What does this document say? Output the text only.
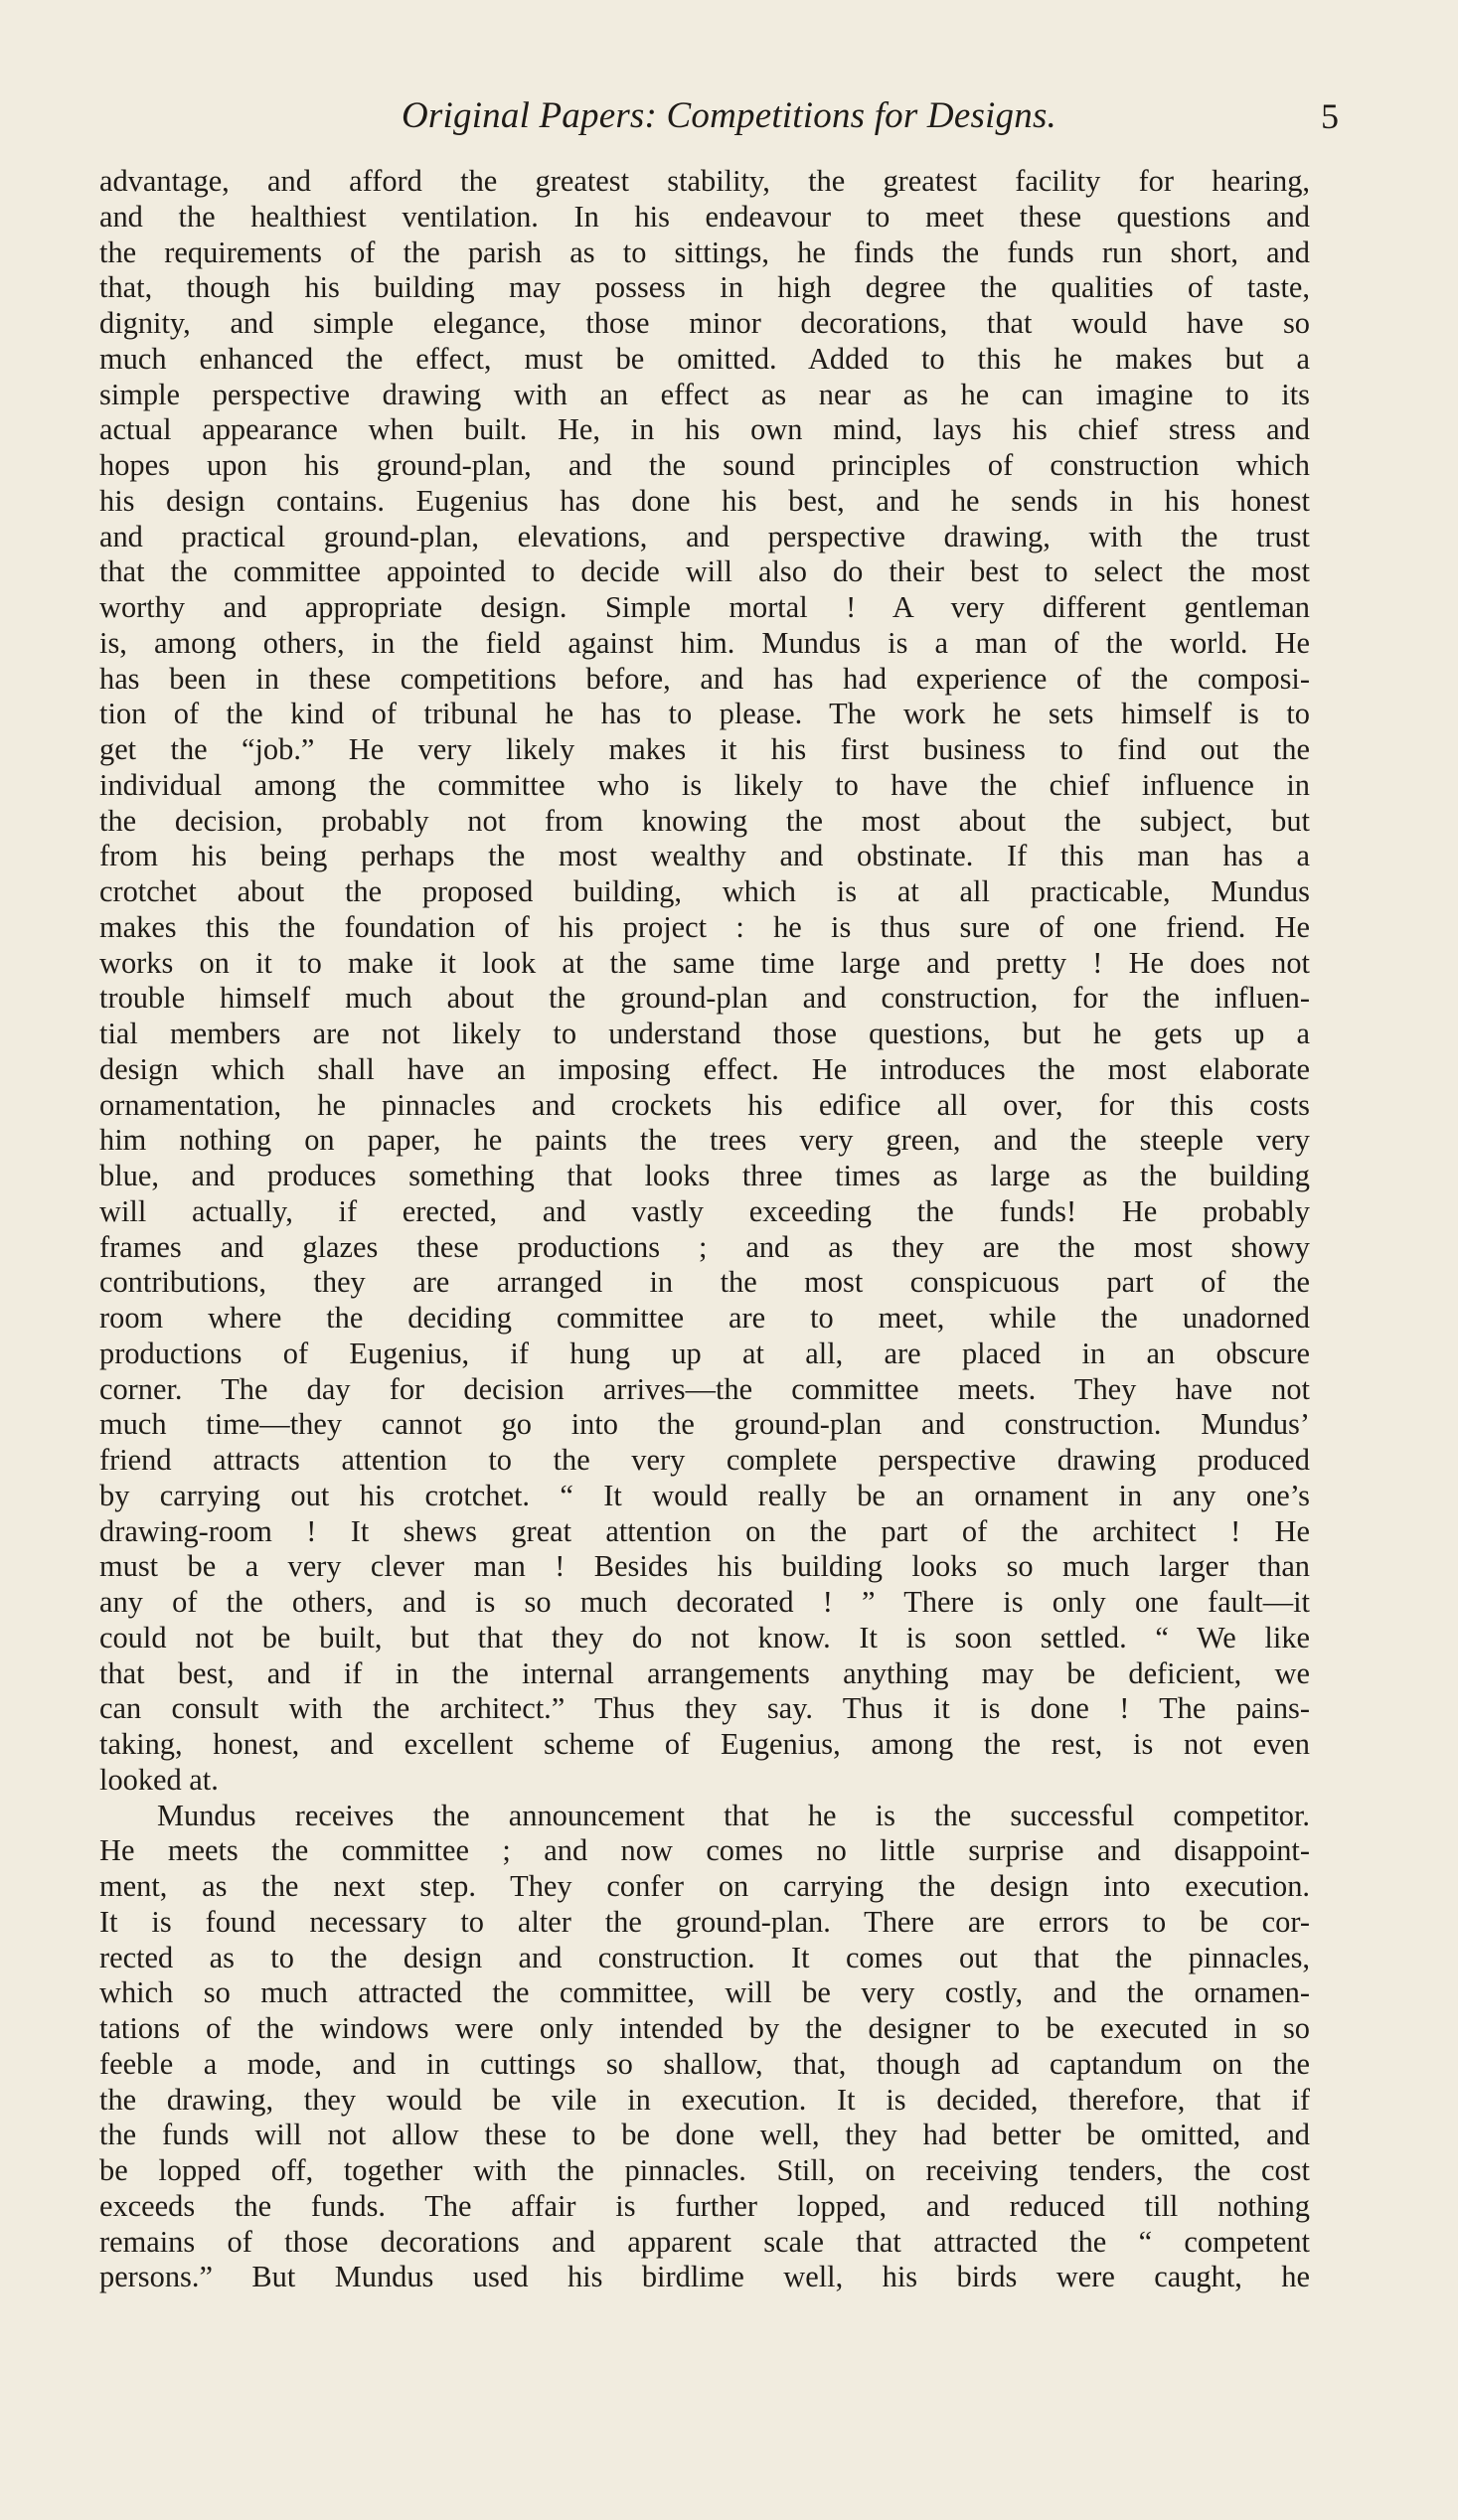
Original Papers: Competitions for Designs.	5

advantage, and afford the greatest stability, the greatest facility for hearing,
and the healthiest ventilation. In his endeavour to meet these questions and
the requirements of the parish as to sittings, he finds the funds run short, and
that, though his building may possess in high degree the qualities of taste,
dignity, and simple elegance, those minor decorations, that would have so
much enhanced the effect, must be omitted. Added to this he makes but a
simple perspective drawing with an effect as near as he can imagine to its
actual appearance when built. He, in his own mind, lays his chief stress and
hopes upon his ground-plan, and the sound principles of construction which
his design contains. Eugenius has done his best, and he sends in his honest
and practical ground-plan, elevations, and perspective drawing, with the trust
that the committee appointed to decide will also do their best to select the most
worthy and appropriate design. Simple mortal ! A very different gentleman
is, among others, in the field against him. Mundus is a man of the world. He
has been in these competitions before, and has had experience of the composi-
tion of the kind of tribunal he has to please. The work he sets himself is to
get the “job.” He very likely makes it his first business to find out the
individual among the committee who is likely to have the chief influence in
the decision, probably not from knowing the most about the subject, but
from his being perhaps the most wealthy and obstinate. If this man has a
crotchet about the proposed building, which is at all practicable, Mundus
makes this the foundation of his project : he is thus sure of one friend. He
works on it to make it look at the same time large and pretty ! He does not
trouble himself much about the ground-plan and construction, for the influen-
tial members are not likely to understand those questions, but he gets up a
design which shall have an imposing effect. He introduces the most elaborate
ornamentation, he pinnacles and crockets his edifice all over, for this costs
him nothing on paper, he paints the trees very green, and the steeple very
blue, and produces something that looks three times as large as the building
will actually, if erected, and vastly exceeding the funds! He probably
frames and glazes these productions ; and as they are the most showy
contributions, they are arranged in the most conspicuous part of the
room where the deciding committee are to meet, while the unadorned
productions of Eugenius, if hung up at all, are placed in an obscure
corner. The day for decision arrives—the committee meets. They have not
much time—they cannot go into the ground-plan and construction. Mundus’
friend attracts attention to the very complete perspective drawing produced
by carrying out his crotchet. “ It would really be an ornament in any one’s
drawing-room ! It shews great attention on the part of the architect ! He
must be a very clever man ! Besides his building looks so much larger than
any of the others, and is so much decorated ! ” There is only one fault—it
could not be built, but that they do not know. It is soon settled. “ We like
that best, and if in the internal arrangements anything may be deficient, we
can consult with the architect.” Thus they say. Thus it is done ! The pains-
taking, honest, and excellent scheme of Eugenius, among the rest, is not even
looked at.

Mundus receives the announcement that he is the successful competitor.
He meets the committee ; and now comes no little surprise and disappoint-
ment, as the next step. They confer on carrying the design into execution.
It is found necessary to alter the ground-plan. There are errors to be cor-
rected as to the design and construction. It comes out that the pinnacles,
which so much attracted the committee, will be very costly, and the ornamen-
tations of the windows were only intended by the designer to be executed in so
feeble a mode, and in cuttings so shallow, that, though ad captandum on the
the drawing, they would be vile in execution. It is decided, therefore, that if
the funds will not allow these to be done well, they had better be omitted, and
be lopped off, together with the pinnacles. Still, on receiving tenders, the cost
exceeds the funds. The affair is further lopped, and reduced till nothing
remains of those decorations and apparent scale that attracted the “ competent
persons.” But Mundus used his birdlime well, his birds were caught, he
